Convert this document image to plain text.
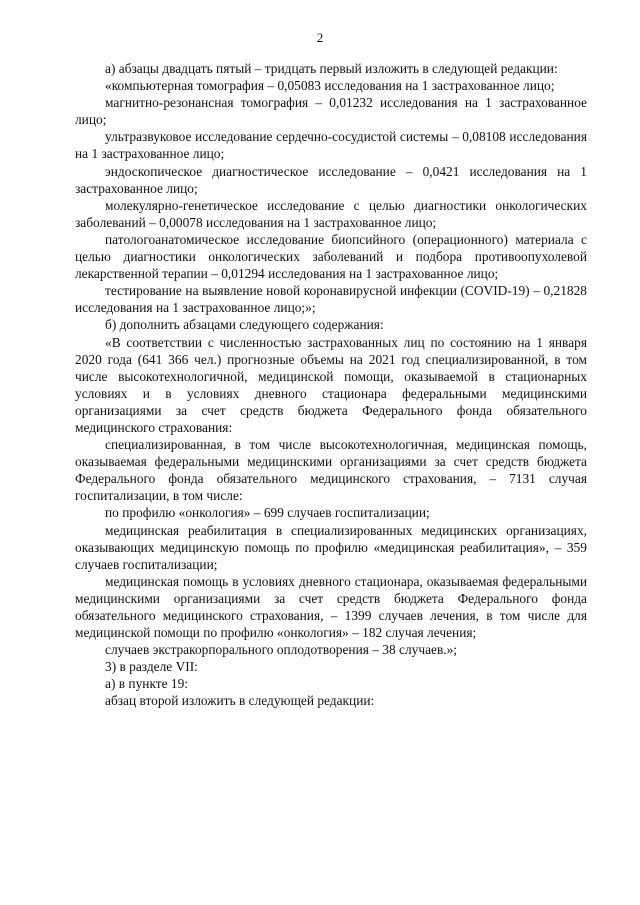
2

а) абзацы двадцать пятый – тридцать первый изложить в следующей редакции:

«компьютерная томография – 0,05083 исследования на 1 застрахованное лицо;

магнитно-резонансная томография – 0,01232 исследования на 1 застрахованное лицо;

ультразвуковое исследование сердечно-сосудистой системы – 0,08108 исследования на 1 застрахованное лицо;

эндоскопическое диагностическое исследование – 0,0421 исследования на 1 застрахованное лицо;

молекулярно-генетическое исследование с целью диагностики онкологических заболеваний – 0,00078 исследования на 1 застрахованное лицо;

патологоанатомическое исследование биопсийного (операционного) материала с целью диагностики онкологических заболеваний и подбора противоопухолевой лекарственной терапии – 0,01294 исследования на 1 застрахованное лицо;

тестирование на выявление новой коронавирусной инфекции (COVID-19) – 0,21828 исследования на 1 застрахованное лицо;»;

б) дополнить абзацами следующего содержания:

«В соответствии с численностью застрахованных лиц по состоянию на 1 января 2020 года (641 366 чел.) прогнозные объемы на 2021 год специализированной, в том числе высокотехнологичной, медицинской помощи, оказываемой в стационарных условиях и в условиях дневного стационара федеральными медицинскими организациями за счет средств бюджета Федерального фонда обязательного медицинского страхования:

специализированная, в том числе высокотехнологичная, медицинская помощь, оказываемая федеральными медицинскими организациями за счет средств бюджета Федерального фонда обязательного медицинского страхования, – 7131 случая госпитализации, в том числе:

по профилю «онкология» – 699 случаев госпитализации;

медицинская реабилитация в специализированных медицинских организациях, оказывающих медицинскую помощь по профилю «медицинская реабилитация», – 359 случаев госпитализации;

медицинская помощь в условиях дневного стационара, оказываемая федеральными медицинскими организациями за счет средств бюджета Федерального фонда обязательного медицинского страхования, – 1399 случаев лечения, в том числе для медицинской помощи по профилю «онкология» – 182 случая лечения;

случаев экстракорпорального оплодотворения – 38 случаев.»;

3) в разделе VII:

а) в пункте 19:

абзац второй изложить в следующей редакции:
